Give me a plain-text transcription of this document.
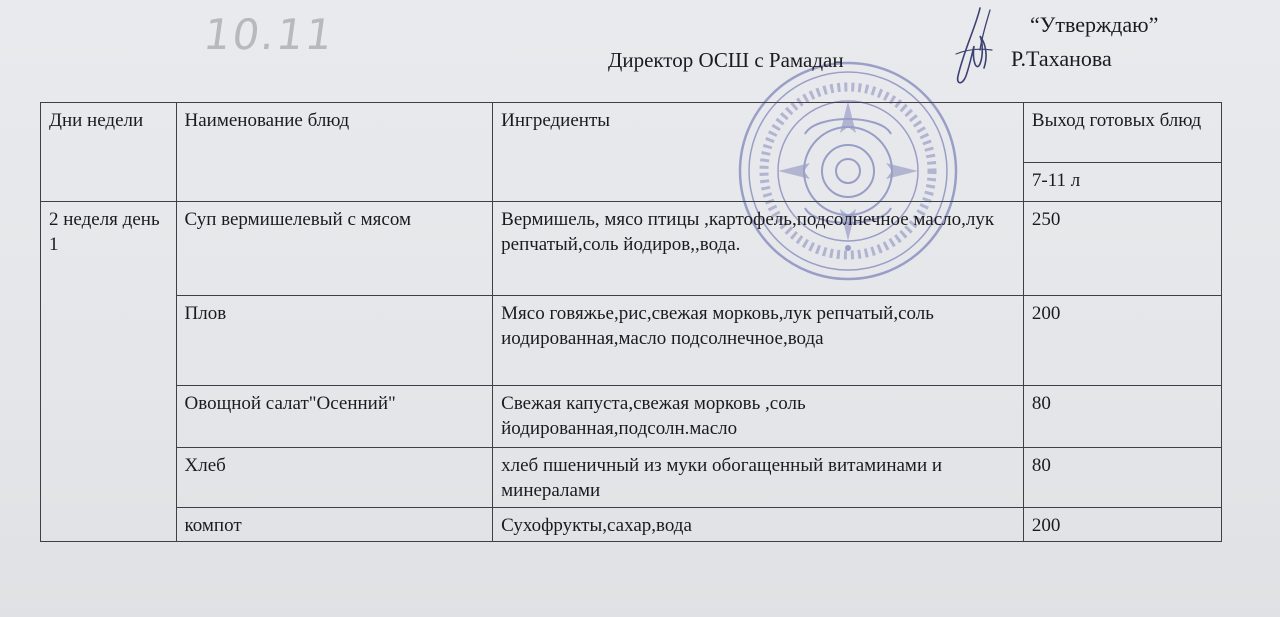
10.11	“Утверждаю”
Директор ОСШ с Рамадан	Р.Таханова
Дни недели	Наименование блюд	Ингредиенты	Выход готовых блюд
			7-11 л
2 неделя день 1	Суп вермишелевый с мясом	Вермишель, мясо птицы ,картофель,подсолнечное масло,лук репчатый,соль йодиров,,вода.	250
	Плов	Мясо говяжье,рис,свежая морковь,лук репчатый,соль иодированная,масло подсолнечное,вода	200
	Овощной салат"Осенний"	Свежая капуста,свежая морковь ,соль йодированная,подсолн.масло	80
	Хлеб	хлеб пшеничный из муки обогащенный витаминами и минералами	80
	компот	Сухофрукты,сахар,вода	200
